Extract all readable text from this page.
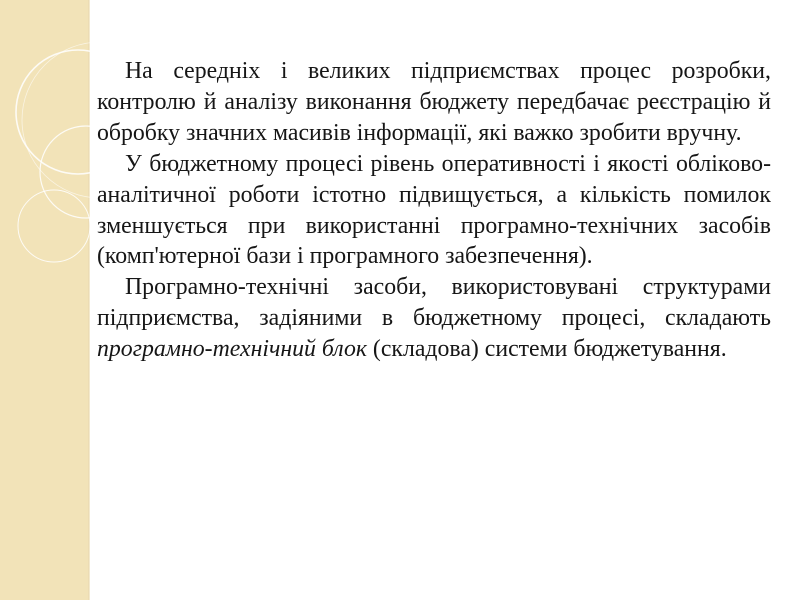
На середніх і великих підприємствах процес розробки, контролю й аналізу виконання бюджету передбачає реєстрацію й обробку значних масивів інформації, які важко зробити вручну.

У бюджетному процесі рівень оперативності і якості обліково-аналітичної роботи істотно підвищується, а кількість помилок зменшується при використанні програмно-технічних засобів (комп'ютерної бази і програмного забезпечення).

Програмно-технічні засоби, використовувані структурами підприємства, задіяними в бюджетному процесі, складають програмно-технічний блок (складова) системи бюджетування.
